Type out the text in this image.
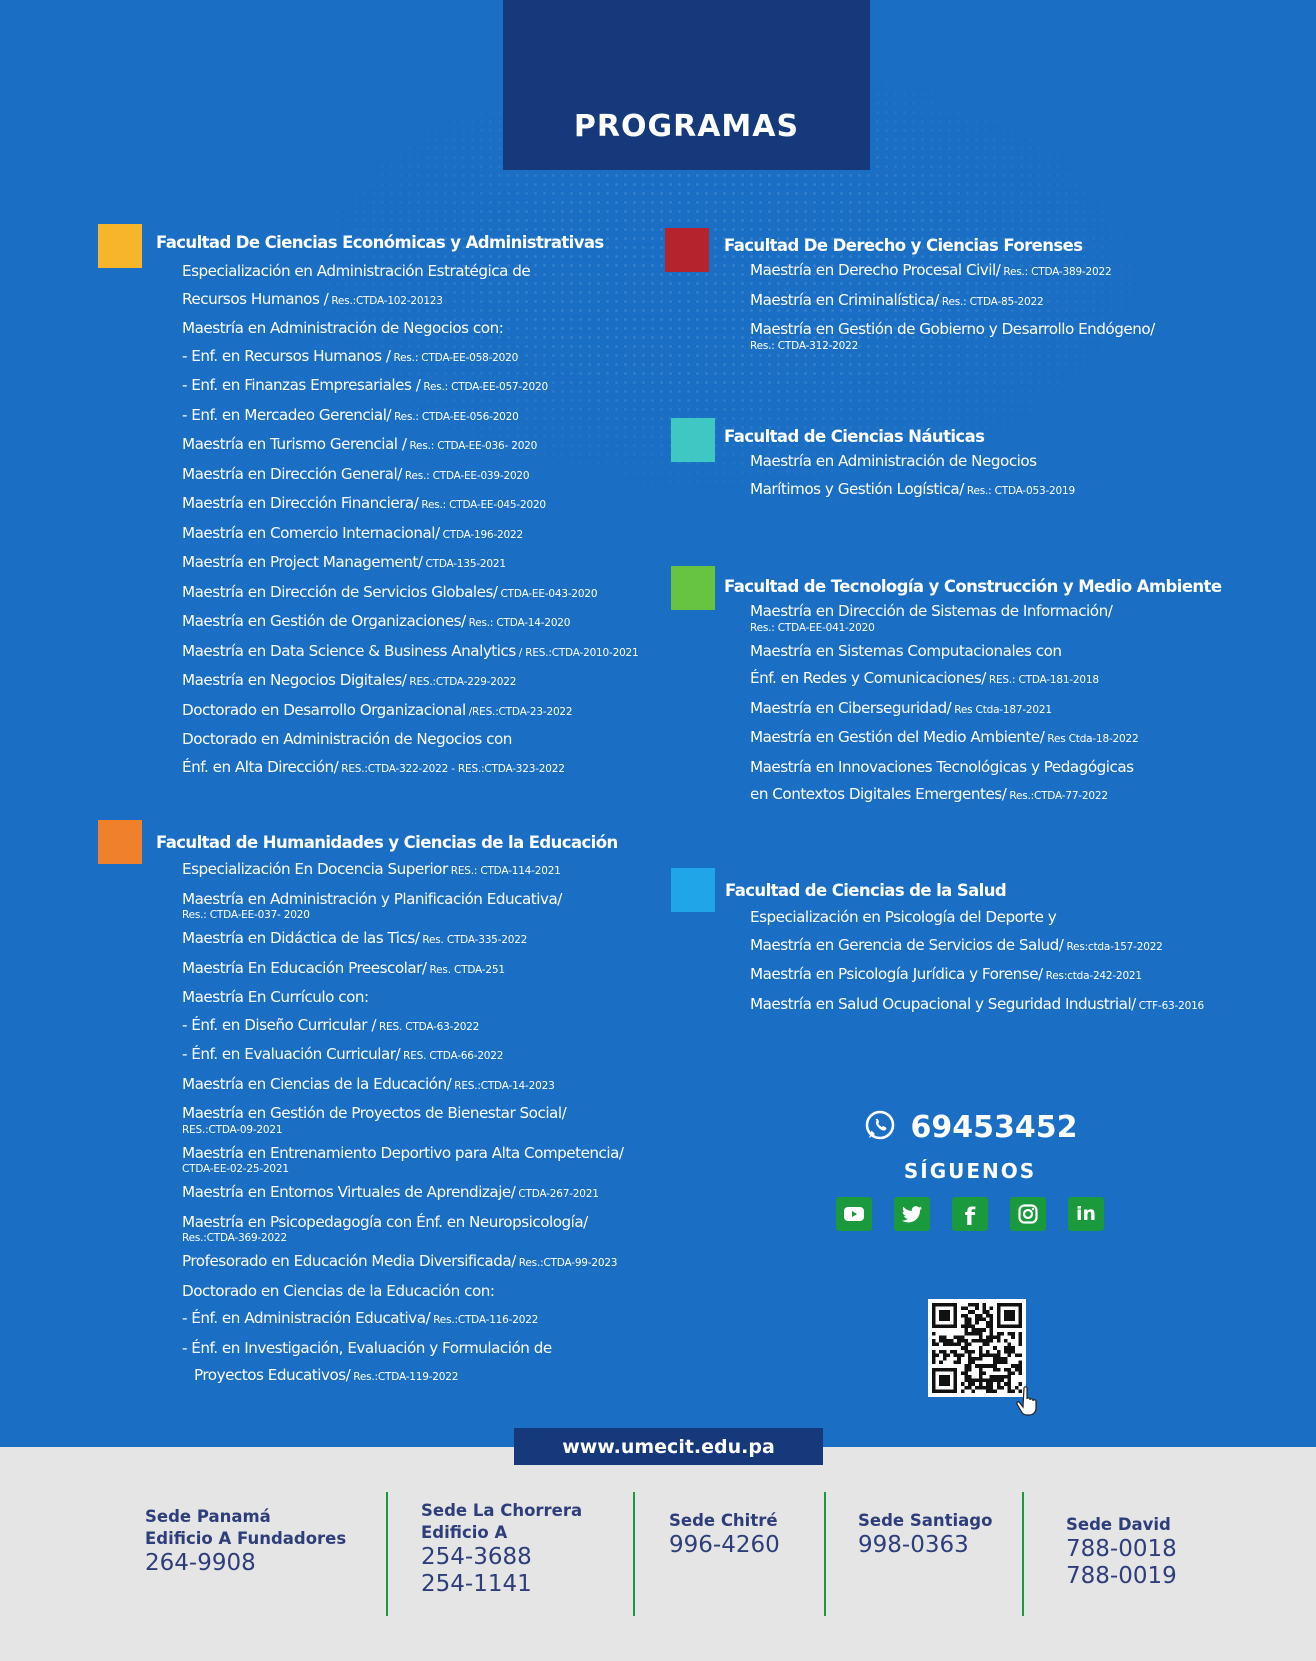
PROGRAMAS
Facultad De Ciencias Económicas y Administrativas
Especialización en Administración Estratégica de
Recursos Humanos / Res.:CTDA-102-20123
Maestría en Administración de Negocios con:
- Enf. en Recursos Humanos / Res.: CTDA-EE-058-2020
- Enf. en Finanzas Empresariales / Res.: CTDA-EE-057-2020
- Enf. en Mercadeo Gerencial/ Res.: CTDA-EE-056-2020
Maestría en Turismo Gerencial / Res.: CTDA-EE-036- 2020
Maestría en Dirección General/ Res.: CTDA-EE-039-2020
Maestría en Dirección Financiera/ Res.: CTDA-EE-045-2020
Maestría en Comercio Internacional/ CTDA-196-2022
Maestría en Project Management/ CTDA-135-2021
Maestría en Dirección de Servicios Globales/ CTDA-EE-043-2020
Maestría en Gestión de Organizaciones/ Res.: CTDA-14-2020
Maestría en Data Science & Business Analytics / RES.:CTDA-2010-2021
Maestría en Negocios Digitales/ RES.:CTDA-229-2022
Doctorado en Desarrollo Organizacional /RES.:CTDA-23-2022
Doctorado en Administración de Negocios con
Énf. en Alta Dirección/ RES.:CTDA-322-2022 - RES.:CTDA-323-2022
Facultad de Humanidades y Ciencias de la Educación
Especialización En Docencia Superior RES.: CTDA-114-2021
Maestría en Administración y Planificación Educativa/
Res.: CTDA-EE-037- 2020
Maestría en Didáctica de las Tics/ Res. CTDA-335-2022
Maestría En Educación Preescolar/ Res. CTDA-251
Maestría En Currículo con:
- Énf. en Diseño Curricular / RES. CTDA-63-2022
- Énf. en Evaluación Curricular/ RES. CTDA-66-2022
Maestría en Ciencias de la Educación/ RES.:CTDA-14-2023
Maestría en Gestión de Proyectos de Bienestar Social/
RES.:CTDA-09-2021
Maestría en Entrenamiento Deportivo para Alta Competencia/
CTDA-EE-02-25-2021
Maestría en Entornos Virtuales de Aprendizaje/ CTDA-267-2021
Maestría en Psicopedagogía con Énf. en Neuropsicología/
Res.:CTDA-369-2022
Profesorado en Educación Media Diversificada/ Res.:CTDA-99-2023
Doctorado en Ciencias de la Educación con:
- Énf. en Administración Educativa/ Res.:CTDA-116-2022
- Énf. en Investigación, Evaluación y Formulación de
Proyectos Educativos/ Res.:CTDA-119-2022
Facultad De Derecho y Ciencias Forenses
Maestría en Derecho Procesal Civil/ Res.: CTDA-389-2022
Maestría en Criminalística/ Res.: CTDA-85-2022
Maestría en Gestión de Gobierno y Desarrollo Endógeno/
Res.: CTDA-312-2022
Facultad de Ciencias Náuticas
Maestría en Administración de Negocios
Marítimos y Gestión Logística/ Res.: CTDA-053-2019
Facultad de Tecnología y Construcción y Medio Ambiente
Maestría en Dirección de Sistemas de Información/
Res.: CTDA-EE-041-2020
Maestría en Sistemas Computacionales con
Énf. en Redes y Comunicaciones/ RES.: CTDA-181-2018
Maestría en Ciberseguridad/ Res Ctda-187-2021
Maestría en Gestión del Medio Ambiente/ Res Ctda-18-2022
Maestría en Innovaciones Tecnológicas y Pedagógicas
en Contextos Digitales Emergentes/ Res.:CTDA-77-2022
Facultad de Ciencias de la Salud
Especialización en Psicología del Deporte y
Maestría en Gerencia de Servicios de Salud/ Res:ctda-157-2022
Maestría en Psicología Jurídica y Forense/ Res:ctda-242-2021
Maestría en Salud Ocupacional y Seguridad Industrial/ CTF-63-2016
69453452
SÍGUENOS
f	in
www.umecit.edu.pa
Sede Panamá
Edificio A Fundadores
264-9908
Sede La Chorrera
Edificio A
254-3688
254-1141
Sede Chitré
996-4260
Sede Santiago
998-0363
Sede David
788-0018
788-0019
